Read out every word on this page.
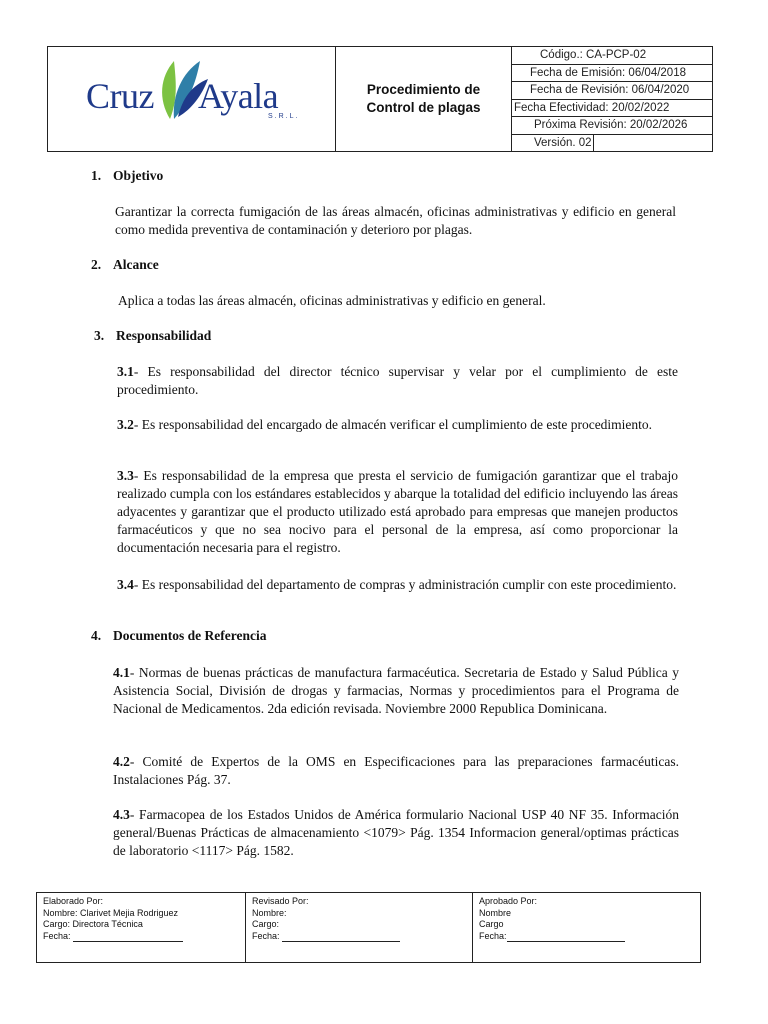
Cruz Ayala
S.R.L.
Procedimiento de
Control de plagas
Código.: CA-PCP-02
Fecha de Emisión: 06/04/2018
Fecha de Revisión: 06/04/2020
Fecha Efectividad: 20/02/2022
Próxima Revisión: 20/02/2026
Versión. 02
1. Objetivo
Garantizar la correcta fumigación de las áreas almacén, oficinas administrativas y edificio en general como medida preventiva de contaminación y deterioro por plagas.
2. Alcance
Aplica a todas las áreas almacén, oficinas administrativas y edificio en general.
3. Responsabilidad
3.1- Es responsabilidad del director técnico supervisar y velar por el cumplimiento de este procedimiento.
3.2- Es responsabilidad del encargado de almacén verificar el cumplimiento de este procedimiento.
3.3- Es responsabilidad de la empresa que presta el servicio de fumigación garantizar que el trabajo realizado cumpla con los estándares establecidos y abarque la totalidad del edificio incluyendo las áreas adyacentes y garantizar que el producto utilizado está aprobado para empresas que manejen productos farmacéuticos y que no sea nocivo para el personal de la empresa, así como proporcionar la documentación necesaria para el registro.
3.4- Es responsabilidad del departamento de compras y administración cumplir con este procedimiento.
4. Documentos de Referencia
4.1- Normas de buenas prácticas de manufactura farmacéutica. Secretaria de Estado y Salud Pública y Asistencia Social, División de drogas y farmacias, Normas y procedimientos para el Programa de Nacional de Medicamentos. 2da edición revisada. Noviembre 2000 Republica Dominicana.
4.2- Comité de Expertos de la OMS en Especificaciones para las preparaciones farmacéuticas. Instalaciones Pág. 37.
4.3- Farmacopea de los Estados Unidos de América formulario Nacional USP 40 NF 35. Información general/Buenas Prácticas de almacenamiento <1079> Pág. 1354 Informacion general/optimas prácticas de laboratorio <1117> Pág. 1582.
Elaborado Por:
Nombre: Clarivet Mejia Rodriguez
Cargo: Directora Técnica
Fecha:
Revisado Por:
Nombre:
Cargo:
Fecha:
Aprobado Por:
Nombre
Cargo
Fecha:
